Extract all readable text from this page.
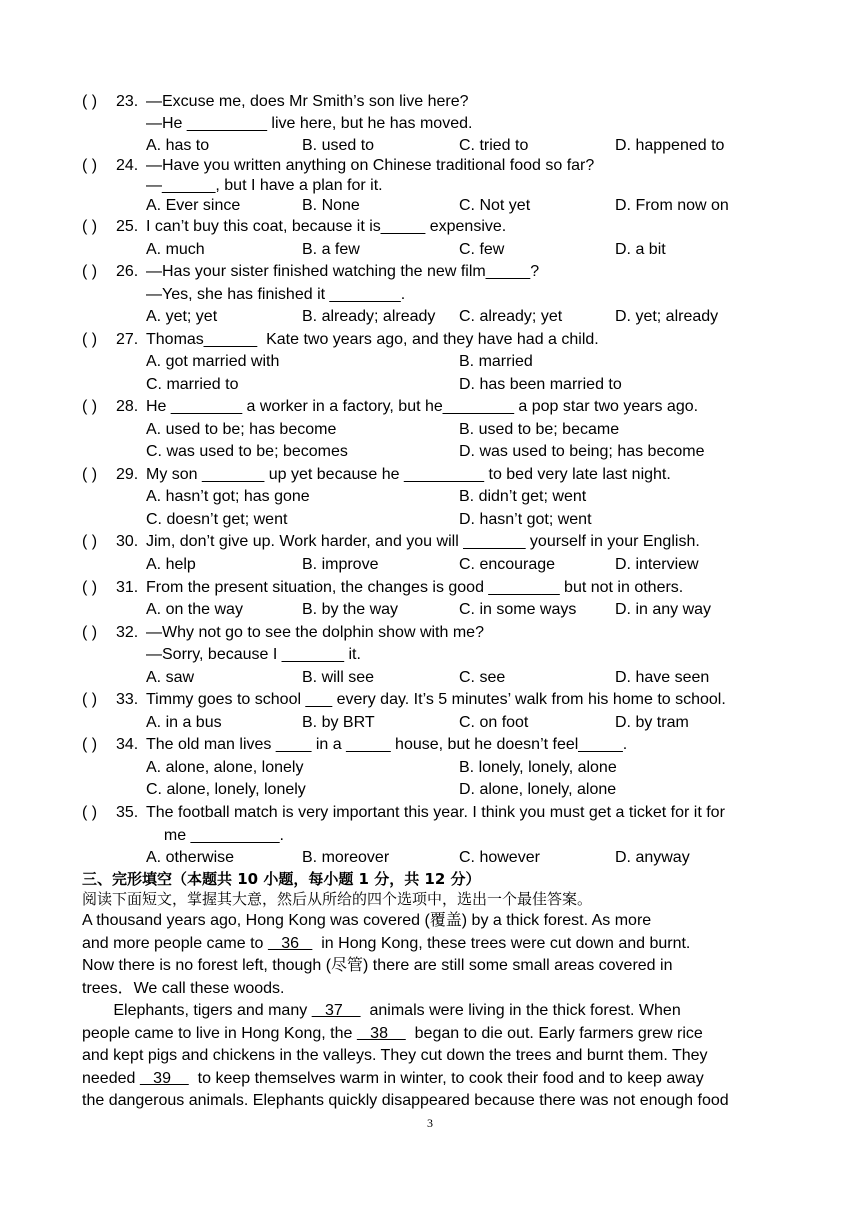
( ) 23. —Excuse me, does Mr Smith’s son live here?
—He _________ live here, but he has moved.
A. has to	B. used to	C. tried to	D. happened to
( ) 24. —Have you written anything on Chinese traditional food so far?
—______, but I have a plan for it.
A. Ever since	B. None	C. Not yet	D. From now on
( ) 25. I can’t buy this coat, because it is_____ expensive.
A. much	B. a few	C. few	D. a bit
( ) 26. —Has your sister finished watching the new film_____?
—Yes, she has finished it ________.
A. yet; yet	B. already; already C. already; yet	D. yet; already
( ) 27. Thomas______  Kate two years ago, and they have had a child.
A. got married with	B. married
C. married to	D. has been married to
( ) 28. He ________ a worker in a factory, but he________ a pop star two years ago.
A. used to be; has become	B. used to be; became
C. was used to be; becomes	D. was used to being; has become
( ) 29. My son _______ up yet because he _________ to bed very late last night.
A. hasn’t got; has gone	B. didn’t get; went
C. doesn’t get; went	D. hasn’t got; went
( ) 30. Jim, don’t give up. Work harder, and you will _______ yourself in your English.
A. help	B. improve	C. encourage	D. interview
( ) 31. From the present situation, the changes is good ________ but not in others.
A. on the way	B. by the way	C. in some ways D. in any way
( ) 32. —Why not go to see the dolphin show with me?
—Sorry, because I _______ it.
A. saw	B. will see	C. see	D. have seen
( ) 33. Timmy goes to school ___ every day. It’s 5 minutes’ walk from his home to school.
A. in a bus	B. by BRT	C. on foot	D. by tram
( ) 34. The old man lives ____ in a _____ house, but he doesn’t feel_____.
A. alone, alone, lonely	B. lonely, lonely, alone
C. alone, lonely, lonely	D. alone, lonely, alone
( ) 35. The football match is very important this year. I think you must get a ticket for it for
me __________.
A. otherwise	B. moreover	C. however	D. anyway
三、完形填空（本题共 10 小题，每小题 1 分，共 12 分）
阅读下面短文，掌握其大意，然后从所给的四个选项中，选出一个最佳答案。
A thousand years ago, Hong Kong was covered (覆盖) by a thick forest. As more
and more people came to    36     in Hong Kong, these trees were cut down and burnt.
Now there is no forest left, though (尽管) there are still some small areas covered in
trees．We call these woods.
Elephants, tigers and many    37      animals were living in the thick forest. When
people came to live in Hong Kong, the    38      began to die out. Early farmers grew rice
and kept pigs and chickens in the valleys. They cut down the trees and burnt them. They
needed    39      to keep themselves warm in winter, to cook their food and to keep away
the dangerous animals. Elephants quickly disappeared because there was not enough food
3
